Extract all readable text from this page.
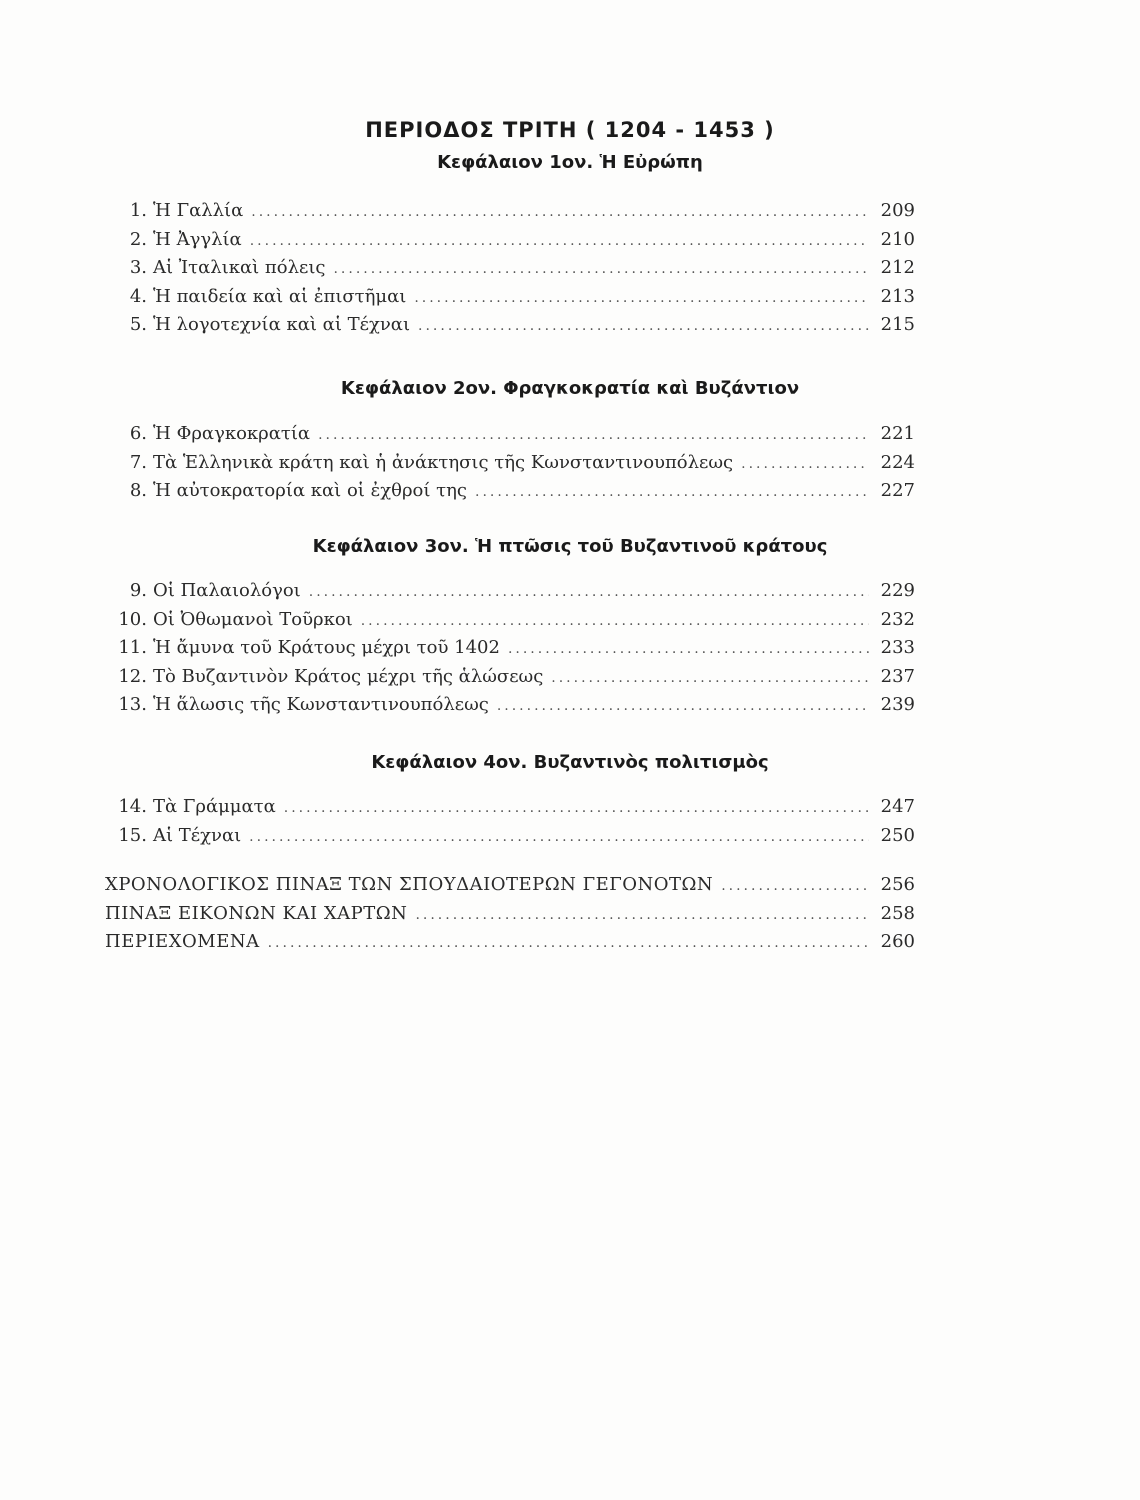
ΠΕΡΙΟΔΟΣ ΤΡΙΤΗ ( 1204 - 1453 )
Κεφάλαιον 1ον. Ἡ Εὐρώπη
1. Ἡ Γαλλία .....	209
2. Ἡ Ἀγγλία .....	210
3. Αἱ Ἰταλικαὶ πόλεις .....	212
4. Ἡ παιδεία καὶ αἱ ἐπιστῆμαι .....	213
5. Ἡ λογοτεχνία καὶ αἱ Τέχναι .....	215
Κεφάλαιον 2ον. Φραγκοκρατία καὶ Βυζάντιον
6. Ἡ Φραγκοκρατία .....	221
7. Τὰ Ἑλληνικὰ κράτη καὶ ἡ ἀνάκτησις τῆς Κωνσταντινουπόλεως .....	224
8. Ἡ αὐτοκρατορία καὶ οἱ ἐχθροί της .....	227
Κεφάλαιον 3ον. Ἡ πτῶσις τοῦ Βυζαντινοῦ κράτους
9. Οἱ Παλαιολόγοι .....	229
10. Οἱ Ὀθωμανοὶ Τοῦρκοι .....	232
11. Ἡ ἄμυνα τοῦ Κράτους μέχρι τοῦ 1402 .....	233
12. Τὸ Βυζαντινὸν Κράτος μέχρι τῆς ἁλώσεως .....	237
13. Ἡ ἅλωσις τῆς Κωνσταντινουπόλεως .....	239
Κεφάλαιον 4ον. Βυζαντινὸς πολιτισμὸς
14. Τὰ Γράμματα .....	247
15. Αἱ Τέχναι .....	250
ΧΡΟΝΟΛΟΓΙΚΟΣ ΠΙΝΑΞ ΤΩΝ ΣΠΟΥΔΑΙΟΤΕΡΩΝ ΓΕΓΟΝΟΤΩΝ .....	256
ΠΙΝΑΞ ΕΙΚΟΝΩΝ ΚΑΙ ΧΑΡΤΩΝ .....	258
ΠΕΡΙΕΧΟΜΕΝΑ .....	260
